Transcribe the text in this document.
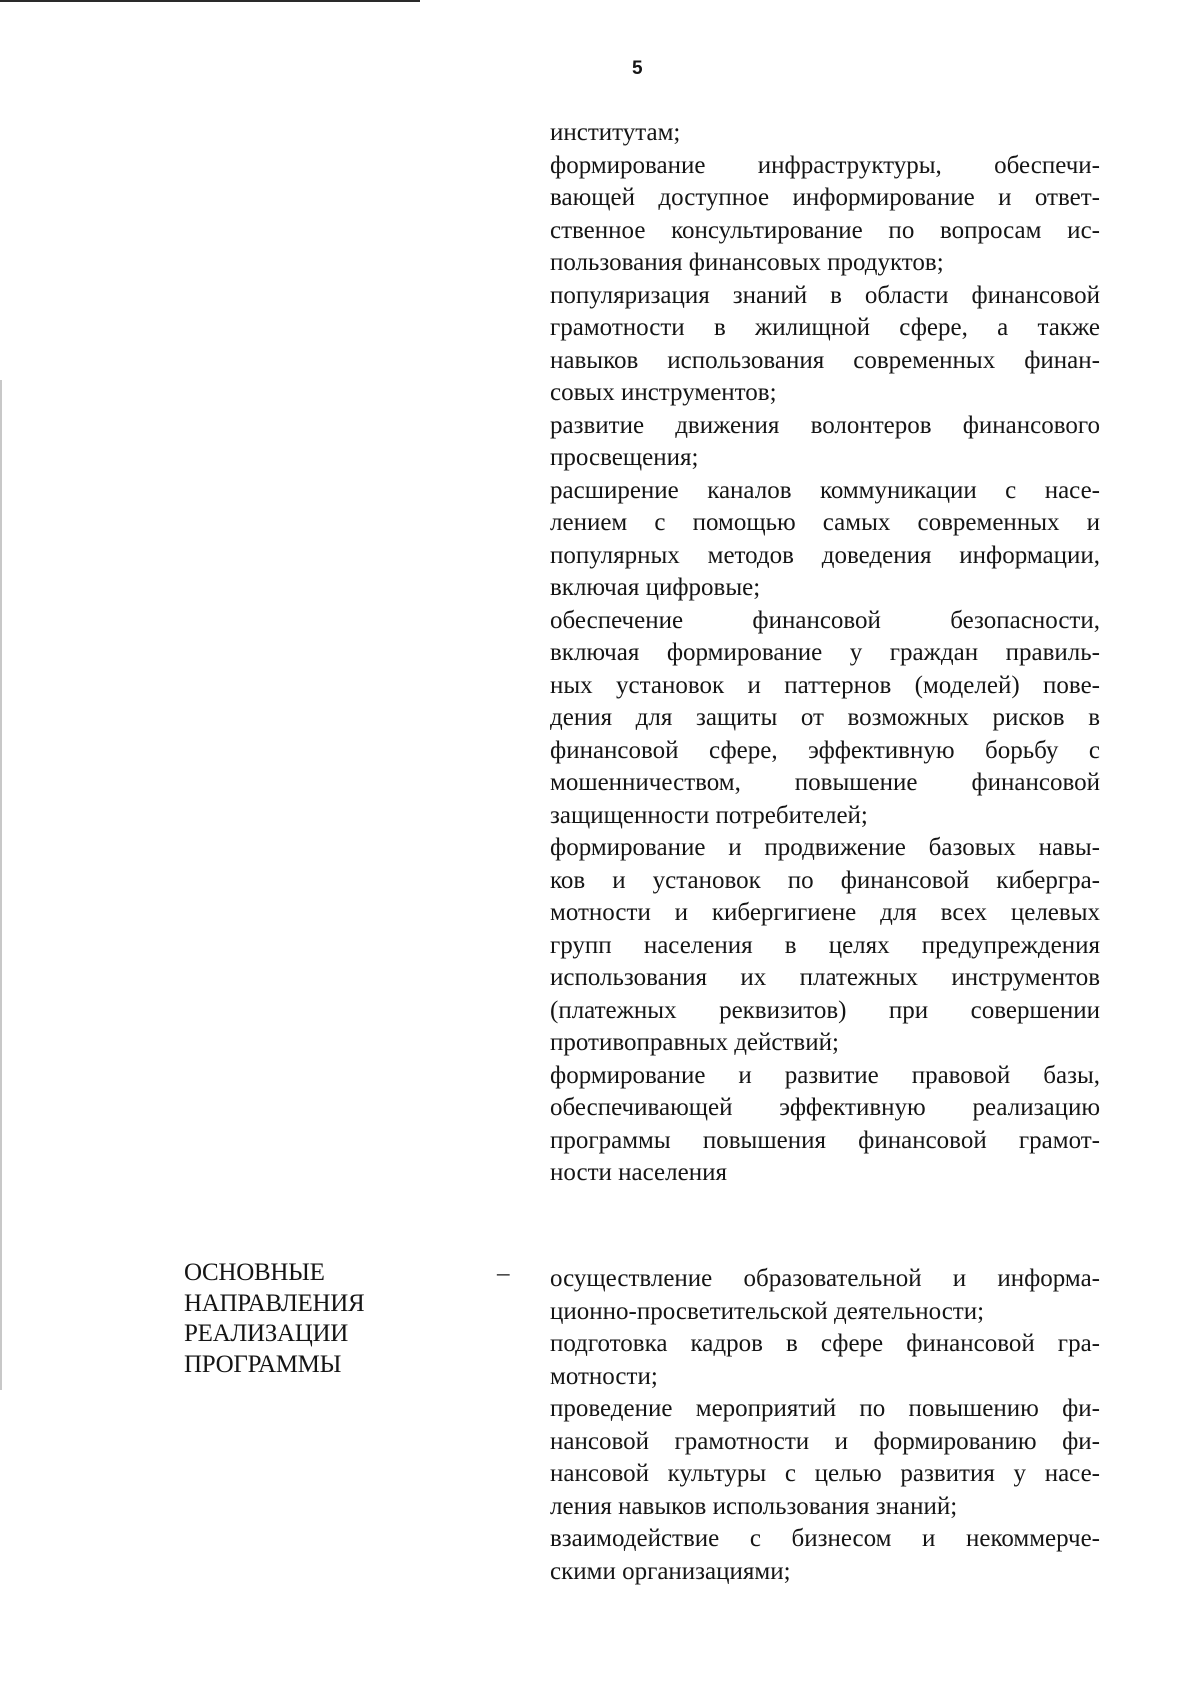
5
институтам;
формирование инфраструктуры, обеспечи-
вающей доступное информирование и ответ-
ственное консультирование по вопросам ис-
пользования финансовых продуктов;
популяризация знаний в области финансовой
грамотности в жилищной сфере, а также
навыков использования современных финан-
совых инструментов;
развитие движения волонтеров финансового
просвещения;
расширение каналов коммуникации с насе-
лением с помощью самых современных и
популярных методов доведения информации,
включая цифровые;
обеспечение финансовой безопасности,
включая формирование у граждан правиль-
ных установок и паттернов (моделей) пове-
дения для защиты от возможных рисков в
финансовой сфере, эффективную борьбу с
мошенничеством, повышение финансовой
защищенности потребителей;
формирование и продвижение базовых навы-
ков и установок по финансовой кибергра-
мотности и кибергигиене для всех целевых
групп населения в целях предупреждения
использования их платежных инструментов
(платежных реквизитов) при совершении
противоправных действий;
формирование и развитие правовой базы,
обеспечивающей эффективную реализацию
программы повышения финансовой грамот-
ности населения
ОСНОВНЫЕ
НАПРАВЛЕНИЯ
РЕАЛИЗАЦИИ
ПРОГРАММЫ
– осуществление образовательной и информа-
ционно-просветительской деятельности;
подготовка кадров в сфере финансовой гра-
мотности;
проведение мероприятий по повышению фи-
нансовой грамотности и формированию фи-
нансовой культуры с целью развития у насе-
ления навыков использования знаний;
взаимодействие с бизнесом и некоммерче-
скими организациями;
